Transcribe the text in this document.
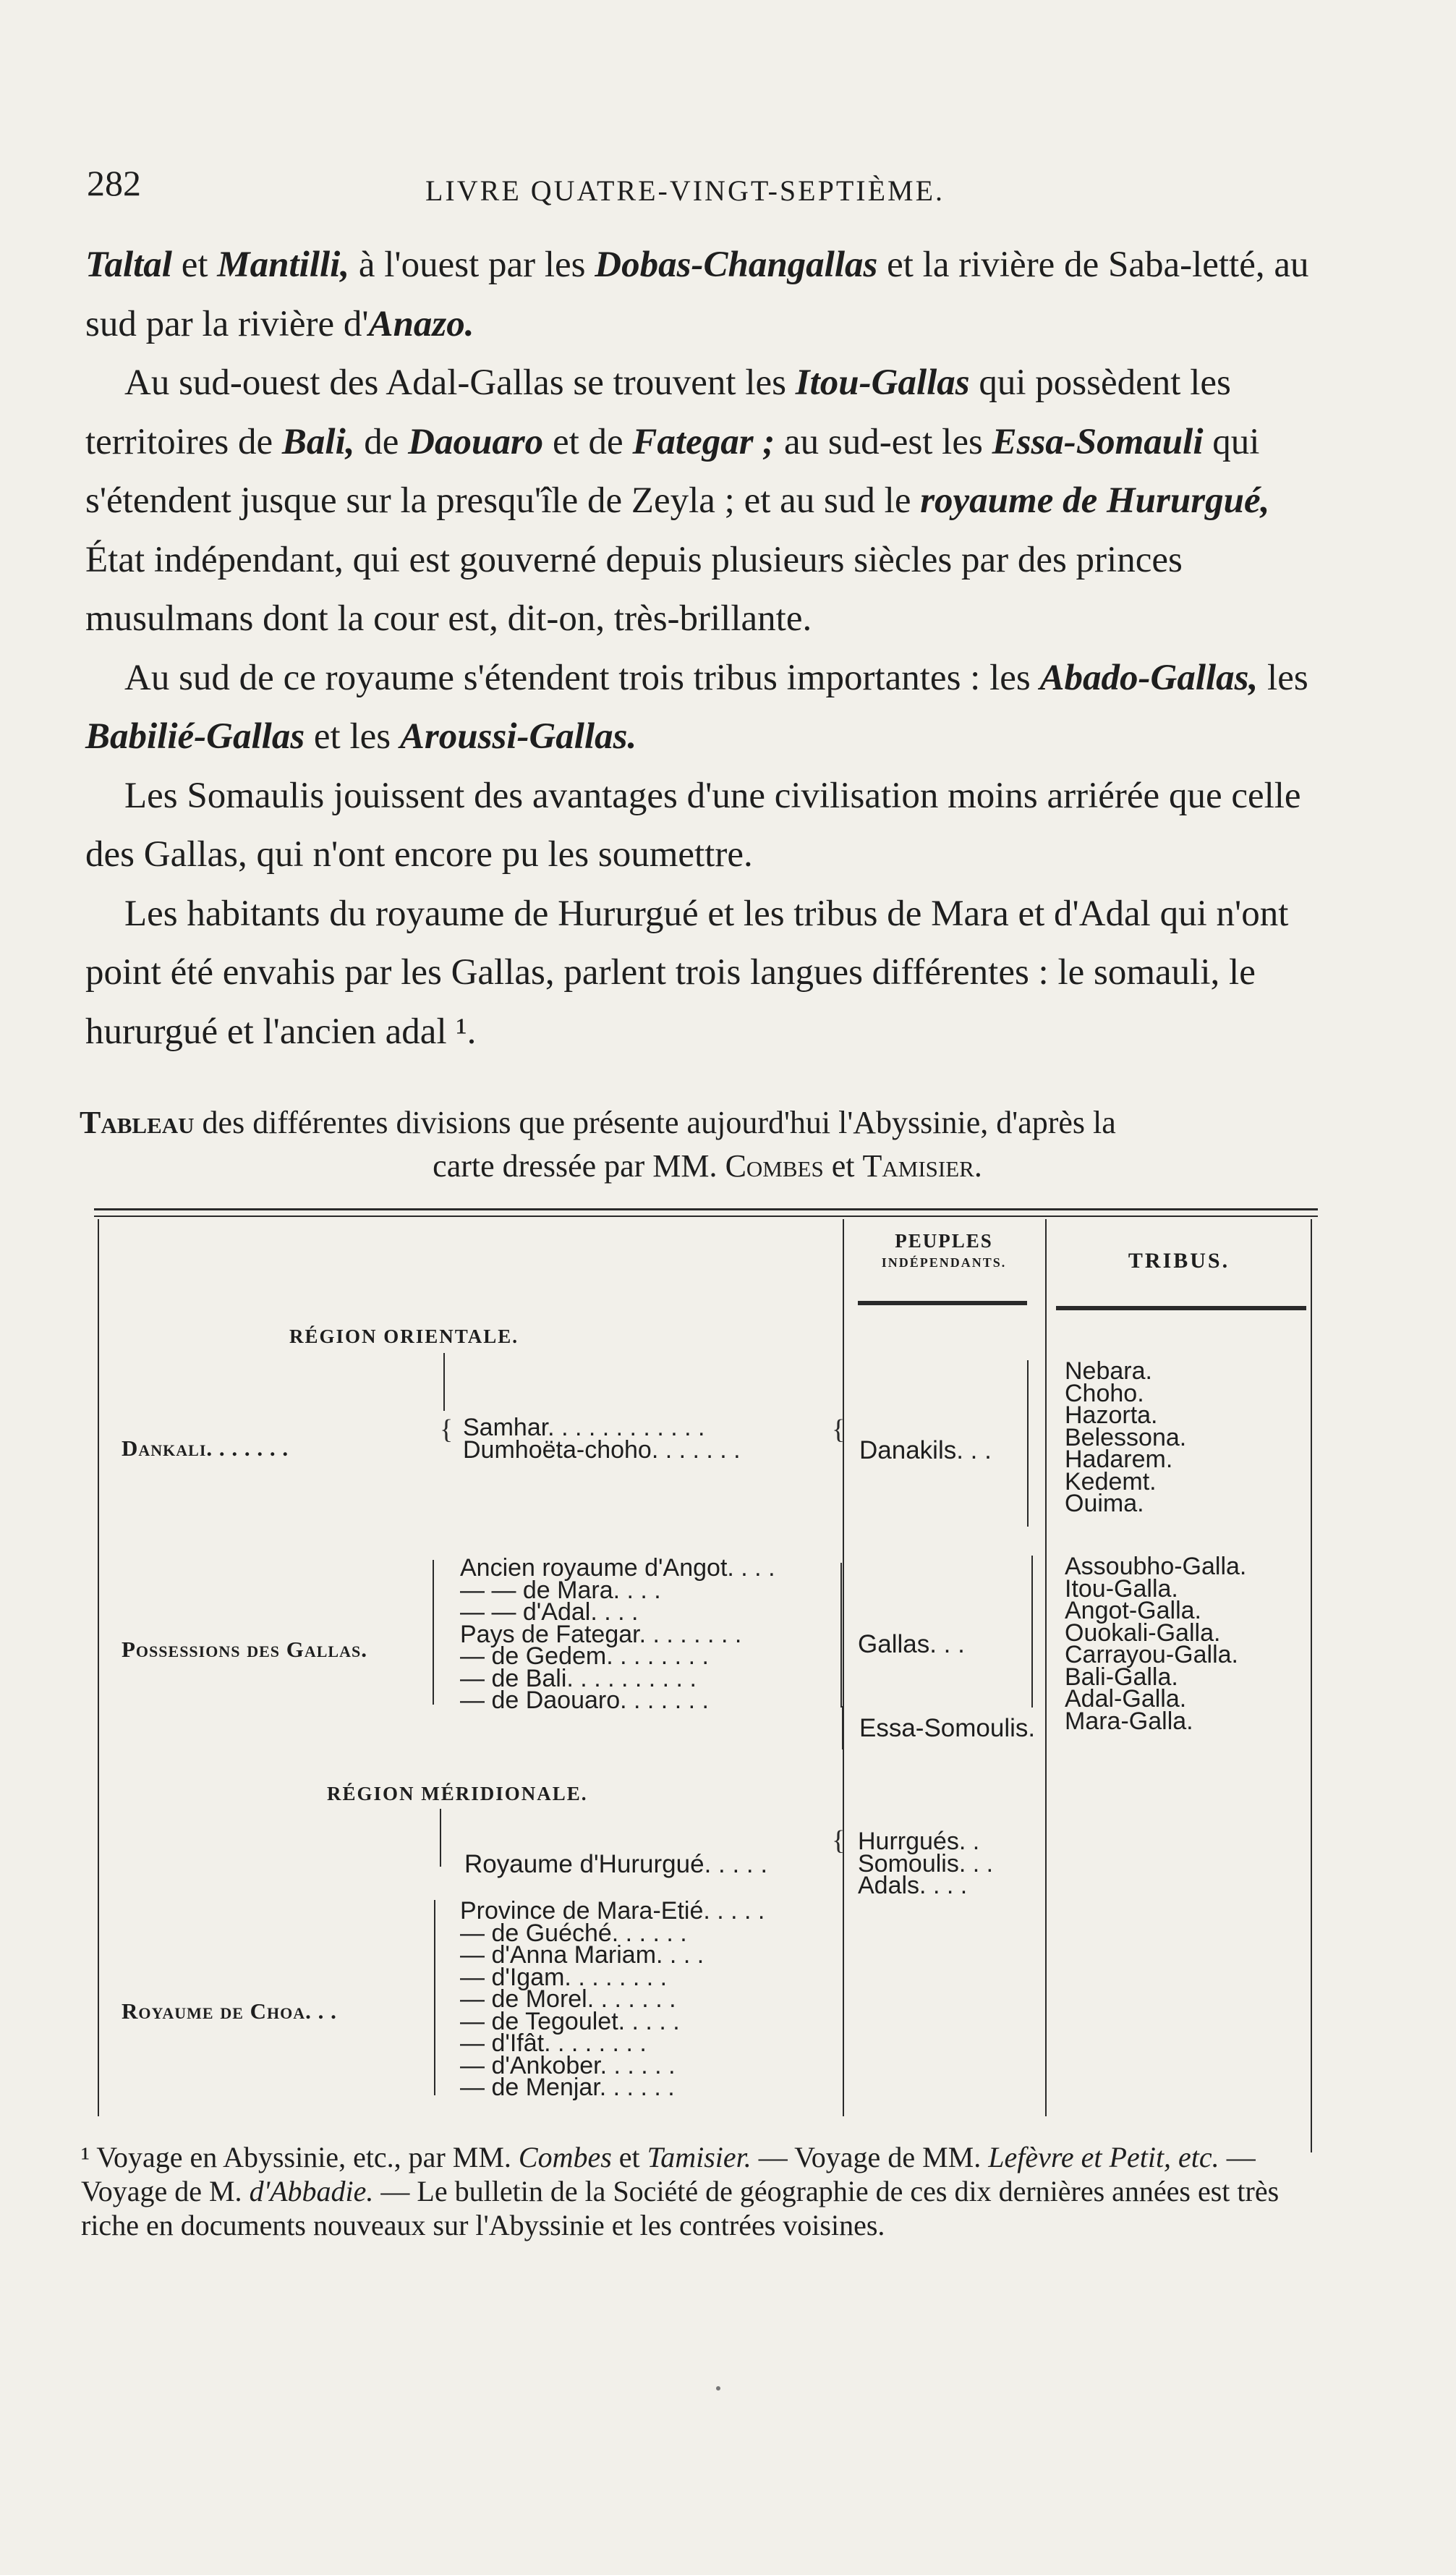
282	LIVRE QUATRE-VINGT-SEPTIÈME.

Taltal et Mantilli, à l'ouest par les Dobas-Changallas et la rivière de Saba-letté, au sud par la rivière d'Anazo.

Au sud-ouest des Adal-Gallas se trouvent les Itou-Gallas qui possèdent les territoires de Bali, de Daouaro et de Fategar ; au sud-est les Essa-Somauli qui s'étendent jusque sur la presqu'île de Zeyla ; et au sud le royaume de Hururgué, État indépendant, qui est gouverné depuis plusieurs siècles par des princes musulmans dont la cour est, dit-on, très-brillante.

Au sud de ce royaume s'étendent trois tribus importantes : les Abado-Gallas, les Babilié-Gallas et les Aroussi-Gallas.

Les Somaulis jouissent des avantages d'une civilisation moins arriérée que celle des Gallas, qui n'ont encore pu les soumettre.

Les habitants du royaume de Hururgué et les tribus de Mara et d'Adal qui n'ont point été envahis par les Gallas, parlent trois langues différentes : le somauli, le hururgué et l'ancien adal ¹.

Tableau des différentes divisions que présente aujourd'hui l'Abyssinie, d'après la
carte dressée par MM. Combes et Tamisier.
PEUPLES
INDÉPENDANTS.	TRIBUS.
RÉGION ORIENTALE.
Dankali. . . . . . .
{ Samhar. . . . . . . . . . . .
Dumhoëta-choho. . . . . . .
{
Danakils. . .
Nebara.
Choho.
Hazorta.
Belessona.
Hadarem.
Kedemt.
Ouima.
Possessions des Gallas.
Ancien royaume d'Angot. . . .
— — de Mara. . . .
— — d'Adal. . . .
Pays de Fategar. . . . . . . .
— de Gedem. . . . . . . .
— de Bali. . . . . . . . . .
— de Daouaro. . . . . . .
Gallas. . .
Assoubho-Galla.
Itou-Galla.
Angot-Galla.
Ouokali-Galla.
Carrayou-Galla.
Bali-Galla.
Adal-Galla.
Mara-Galla.
Essa-Somoulis.
RÉGION MÉRIDIONALE.
Royaume d'Hururgué. . . . .
{ Hurrgués. .
Somoulis. . .
Adals. . . .
Royaume de Choa. . .
Province de Mara-Etié. . . . .
— de Guéché. . . . . .
— d'Anna Mariam. . . .
— d'Igam. . . . . . . .
— de Morel. . . . . . .
— de Tegoulet. . . . .
— d'Ifât. . . . . . . .
— d'Ankober. . . . . .
— de Menjar. . . . . .
¹ Voyage en Abyssinie, etc., par MM. Combes et Tamisier. — Voyage de MM. Lefèvre et Petit, etc. — Voyage de M. d'Abbadie. — Le bulletin de la Société de géographie de ces dix dernières années est très riche en documents nouveaux sur l'Abyssinie et les contrées voisines.
